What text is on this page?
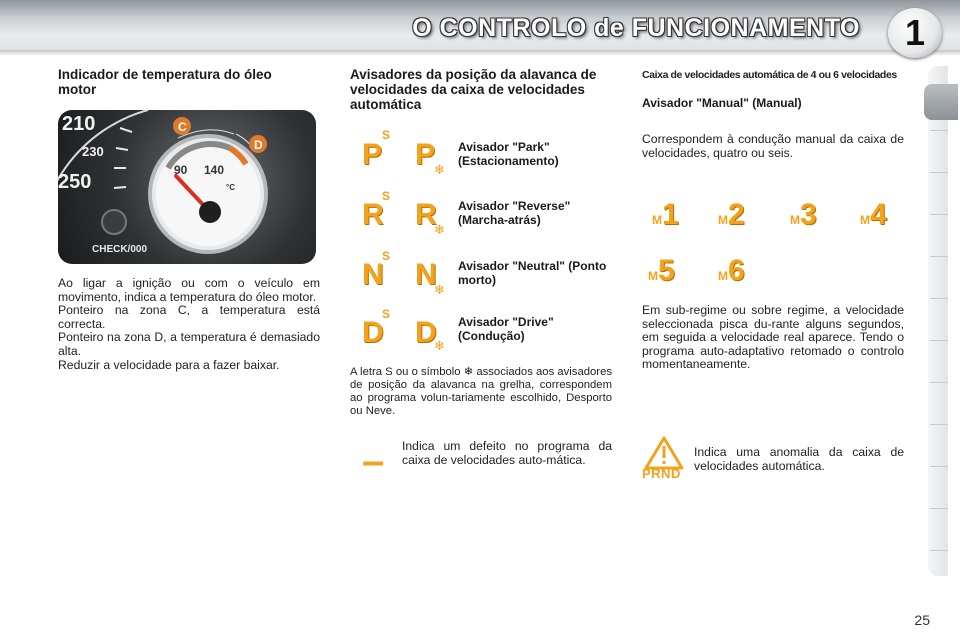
O CONTROLO de FUNCIONAMENTO	1
Indicador de temperatura do óleo motor
210
230
250
CHECK/000
90 140
°C
C
D
Ao ligar a ignição ou com o veículo em movimento, indica a temperatura do óleo motor.
Ponteiro na zona C, a temperatura está correcta.
Ponteiro na zona D, a temperatura é demasiado alta.
Reduzir a velocidade para a fazer baixar.
Avisadores da posição da alavanca de velocidades da caixa de velocidades automática
P
S
P
❄
Avisador "Park" (Estacionamento)
R
S
R
❄
Avisador "Reverse" (Marcha-atrás)
N
S
N
❄
Avisador "Neutral" (Ponto morto)
D
S
D
❄
Avisador "Drive" (Condução)
A letra S ou o símbolo ❄ associados aos avisadores de posição da alavanca na grelha, correspondem ao programa volun-tariamente escolhido, Desporto ou Neve.
– Indica um defeito no programa da caixa de velocidades auto-mática.
Caixa de velocidades automática de 4 ou 6 velocidades
Avisador "Manual" (Manual)
Correspondem à condução manual da caixa de velocidades, quatro ou seis.
M1	M2	M3	M4
M5	M6
Em sub-regime ou sobre regime, a velocidade seleccionada pisca du-rante alguns segundos, em seguida a velocidade real aparece. Tendo o programa auto-adaptativo retomado o controlo momentaneamente.
PRND
Indica uma anomalia da caixa de velocidades automática.
25
